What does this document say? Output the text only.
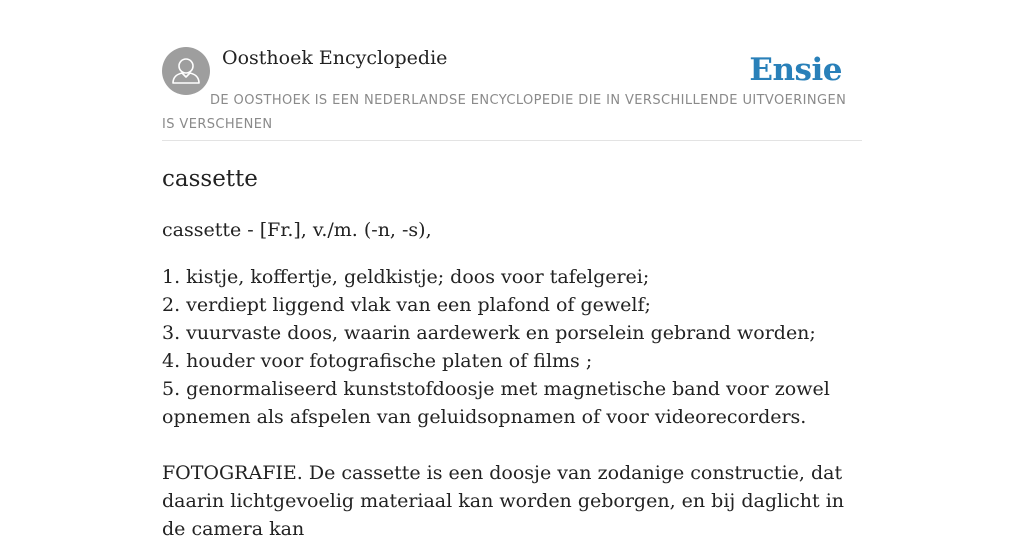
Oosthoek Encyclopedie	Ensie
DE OOSTHOEK IS EEN NEDERLANDSE ENCYCLOPEDIE DIE IN VERSCHILLENDE UITVOERINGEN IS VERSCHENEN
cassette
cassette - [Fr.], v./m. (-n, -s),
1. kistje, koffertje, geldkistje; doos voor tafelgerei;
2. verdiept liggend vlak van een plafond of gewelf;
3. vuurvaste doos, waarin aardewerk en porselein gebrand worden;
4. houder voor fotografische platen of films ;
5. genormaliseerd kunststofdoosje met magnetische band voor zowel opnemen als afspelen van geluidsopnamen of voor videorecorders.
FOTOGRAFIE. De cassette is een doosje van zodanige constructie, dat daarin lichtgevoelig materiaal kan worden geborgen, en bij daglicht in de camera kan
